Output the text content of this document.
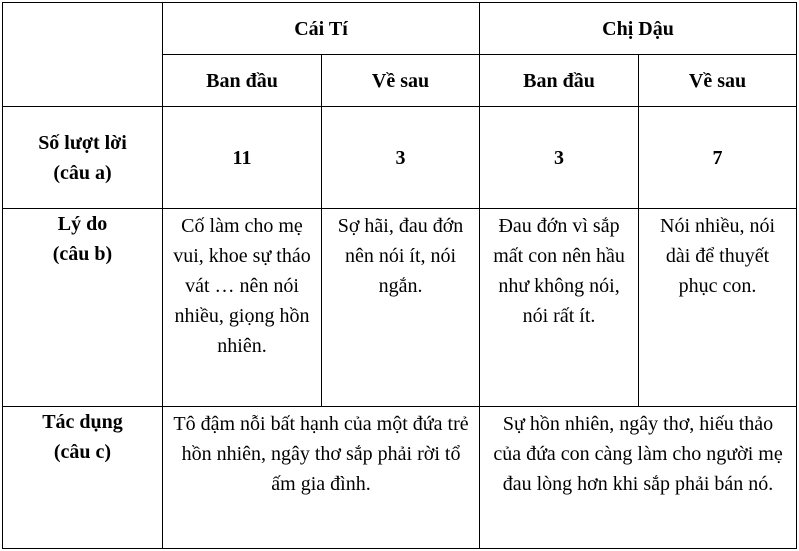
	Cái Tí		Chị Dậu	
	Ban đầu	Về sau	Ban đầu	Về sau

Số lượt lời
(câu a)	11	3	3	7

Lý do
(câu b)	Cố làm cho mẹ vui, khoe sự tháo vát … nên nói nhiều, giọng hồn nhiên.	Sợ hãi, đau đớn nên nói ít, nói ngắn.	Đau đớn vì sắp mất con nên hầu như không nói, nói rất ít.	Nói nhiều, nói dài để thuyết phục con.

Tác dụng
(câu c)	Tô đậm nỗi bất hạnh của một đứa trẻ hồn nhiên, ngây thơ sắp phải rời tổ ấm gia đình.		Sự hồn nhiên, ngây thơ, hiếu thảo của đứa con càng làm cho người mẹ đau lòng hơn khi sắp phải bán nó.	
